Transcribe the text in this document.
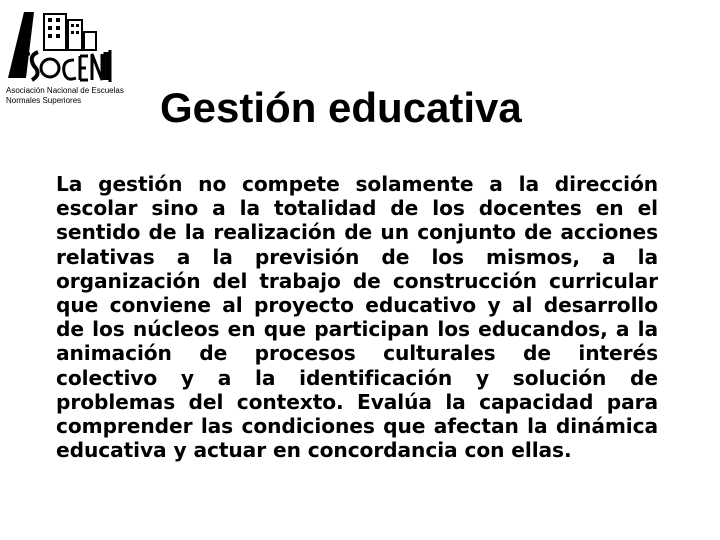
Asociación Nacional de Escuelas
Normales Superiores	Gestión educativa
La gestión no compete solamente a la dirección escolar sino a la totalidad de los docentes en el sentido de la realización de un conjunto de acciones relativas a la previsión de los mismos, a la organización del trabajo de construcción curricular que conviene al proyecto educativo y al desarrollo de los núcleos en que participan los educandos, a la animación de procesos culturales de interés colectivo y a la identificación y solución de problemas del contexto. Evalúa la capacidad para comprender las condiciones que afectan la dinámica educativa y actuar en concordancia con ellas.
